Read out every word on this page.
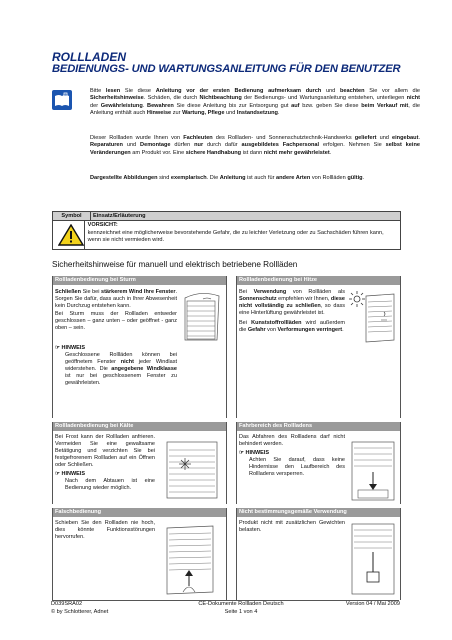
ROLLLADEN
BEDIENUNGS- UND WARTUNGSANLEITUNG FÜR DEN BENUTZER
i
Bitte lesen Sie diese Anleitung vor der ersten Bedienung aufmerksam durch und beachten Sie vor allem die Sicherheitshinweise. Schäden, die durch Nichtbeachtung der Bedienungs- und Wartungsanleitung entstehen, unterliegen nicht der Gewährleistung. Bewahren Sie diese Anleitung bis zur Entsorgung gut auf bzw. geben Sie diese beim Verkauf mit, die Anleitung enthält auch Hinweise zur Wartung, Pflege und Instandsetzung.
Dieser Rollladen wurde Ihnen von Fachleuten des Rollladen- und Sonnenschutztechnik-Handwerks geliefert und eingebaut. Reparaturen und Demontage dürfen nur durch dafür ausgebildetes Fachpersonal erfolgen. Nehmen Sie selbst keine Veränderungen am Produkt vor. Eine sichere Handhabung ist dann nicht mehr gewährleistet.
Dargestellte Abbildungen sind exemplarisch. Die Anleitung ist auch für andere Arten von Rollläden gültig.
Symbol	Einsatz/Erläuterung
VORSICHT:
kennzeichnet eine möglicherweise bevorstehende Gefahr, die zu leichter Verletzung oder zu Sachschäden führen kann, wenn sie nicht vermieden wird.
Sicherheitshinweise für manuell und elektrisch betriebene Rollläden
Rollladenbedienung bei Sturm
Schließen Sie bei stärkerem Wind Ihre Fenster. Sorgen Sie dafür, dass auch in Ihrer Abwesenheit kein Durchzug entstehen kann.
Bei Sturm muss der Rollladen entweder geschlossen – ganz unten – oder geöffnet - ganz oben – sein.
☞ HINWEIS
Geschlossene Rollläden können bei geöffnetem Fenster nicht jeder Windlast widerstehen. Die angegebene Windklasse ist nur bei geschlossenem Fenster zu gewährleisten.
Rollladenbedienung bei Hitze
Bei Verwendung von Rollläden als Sonnenschutz empfehlen wir Ihnen, diese nicht vollständig zu schließen, so dass eine Hinterlüftung gewährleistet ist.
Bei Kunststoffrollläden wird außerdem die Gefahr von Verformungen verringert.
Rollladenbedienung bei Kälte
Bei Frost kann der Rollladen anfrieren. Vermeiden Sie eine gewaltsame Betätigung und verzichten Sie bei festgefrorenem Rollladen auf ein Öffnen oder Schließen.
☞ HINWEIS
Nach dem Abtauen ist eine Bedienung wieder möglich.
Fahrbereich des Rollladens
Das Abfahren des Rollladens darf nicht behindert werden.
☞ HINWEIS
Achten Sie darauf, dass keine Hindernisse den Laufbereich des Rollladens versperren.
Falschbedienung
Schieben Sie den Rollladen nie hoch, dies könnte Funktionsstörungen hervorrufen.
Nicht bestimmungsgemäße Verwendung
Produkt nicht mit zusätzlichen Gewichten belasten.
D039SRA02
© by Schlotterer, Adnet
CE-Dokumente Rollladen Deutsch
Seite 1 von 4
Version 04 / Mai 2009
